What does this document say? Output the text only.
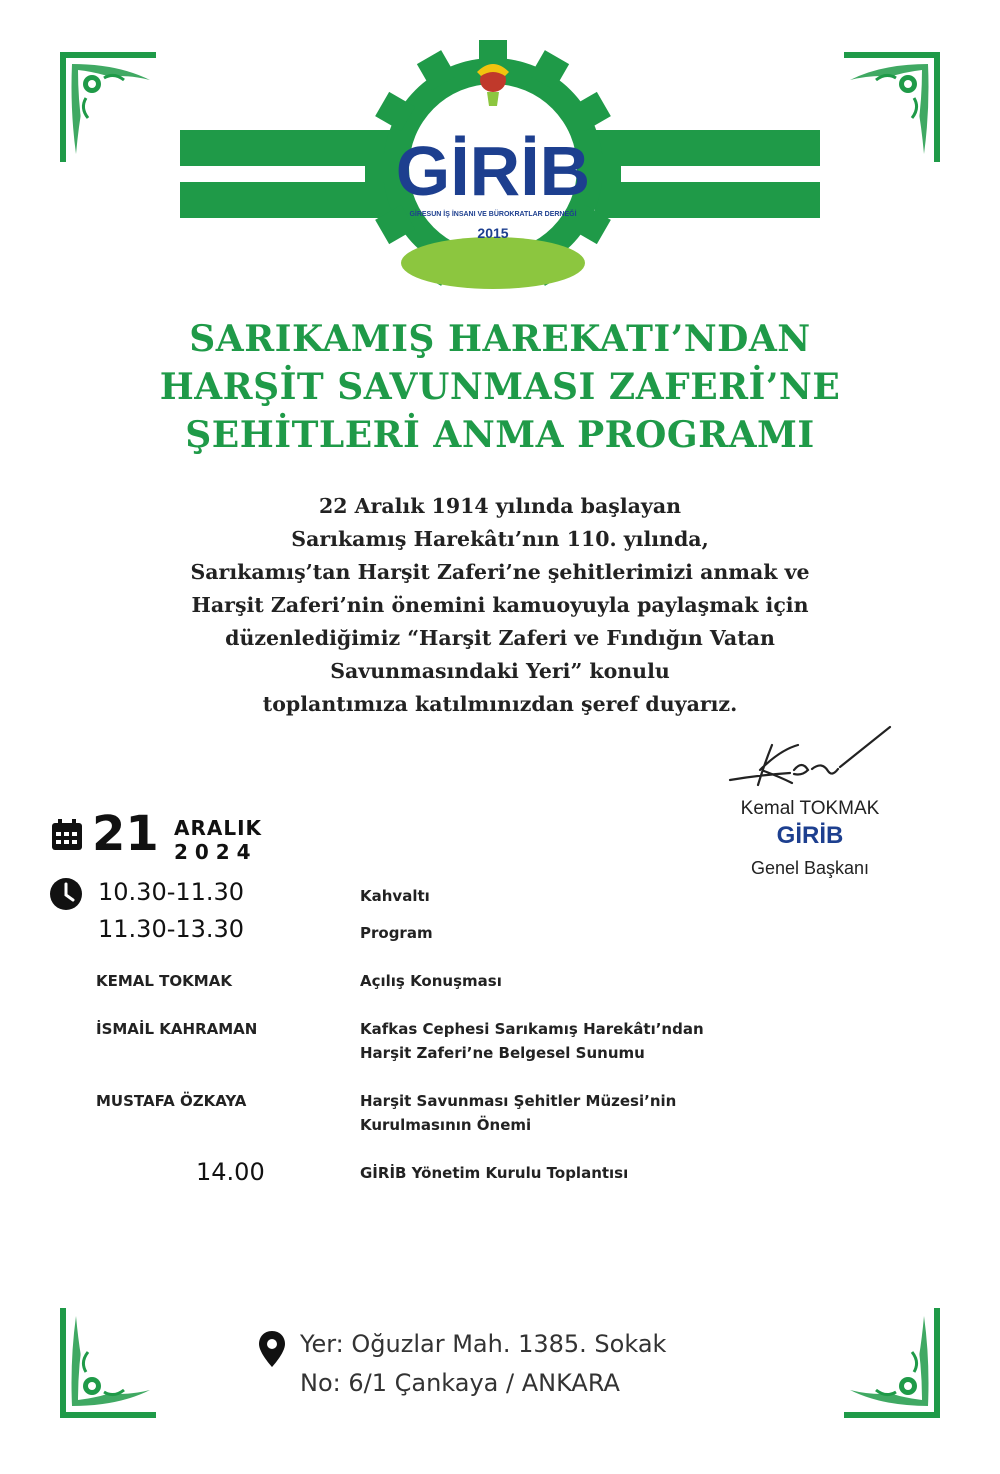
GİRİB
GİRESUN İŞ İNSANI VE BÜROKRATLAR DERNEĞİ
2015
SARIKAMIŞ HAREKATI’NDAN
HARŞİT SAVUNMASI ZAFERİ’NE
ŞEHİTLERİ ANMA PROGRAMI
22 Aralık 1914 yılında başlayan
Sarıkamış Harekâtı’nın 110. yılında,
Sarıkamış’tan Harşit Zaferi’ne şehitlerimizi anmak ve
Harşit Zaferi’nin önemini kamuoyuyla paylaşmak için
düzenlediğimiz “Harşit Zaferi ve Fındığın Vatan
Savunmasındaki Yeri” konulu
toplantımıza katılmınızdan şeref duyarız.
Kemal TOKMAK
GİRİB
Genel Başkanı
21 ARALIK
2 0 2 4
10.30-11.30	Kahvaltı
11.30-13.30	Program
KEMAL TOKMAK	Açılış Konuşması
İSMAİL KAHRAMAN	Kafkas Cephesi Sarıkamış Harekâtı’ndan
Harşit Zaferi’ne Belgesel Sunumu
MUSTAFA ÖZKAYA	Harşit Savunması Şehitler Müzesi’nin
Kurulmasının Önemi
14.00	GİRİB Yönetim Kurulu Toplantısı
Yer: Oğuzlar Mah. 1385. Sokak
No: 6/1 Çankaya / ANKARA
